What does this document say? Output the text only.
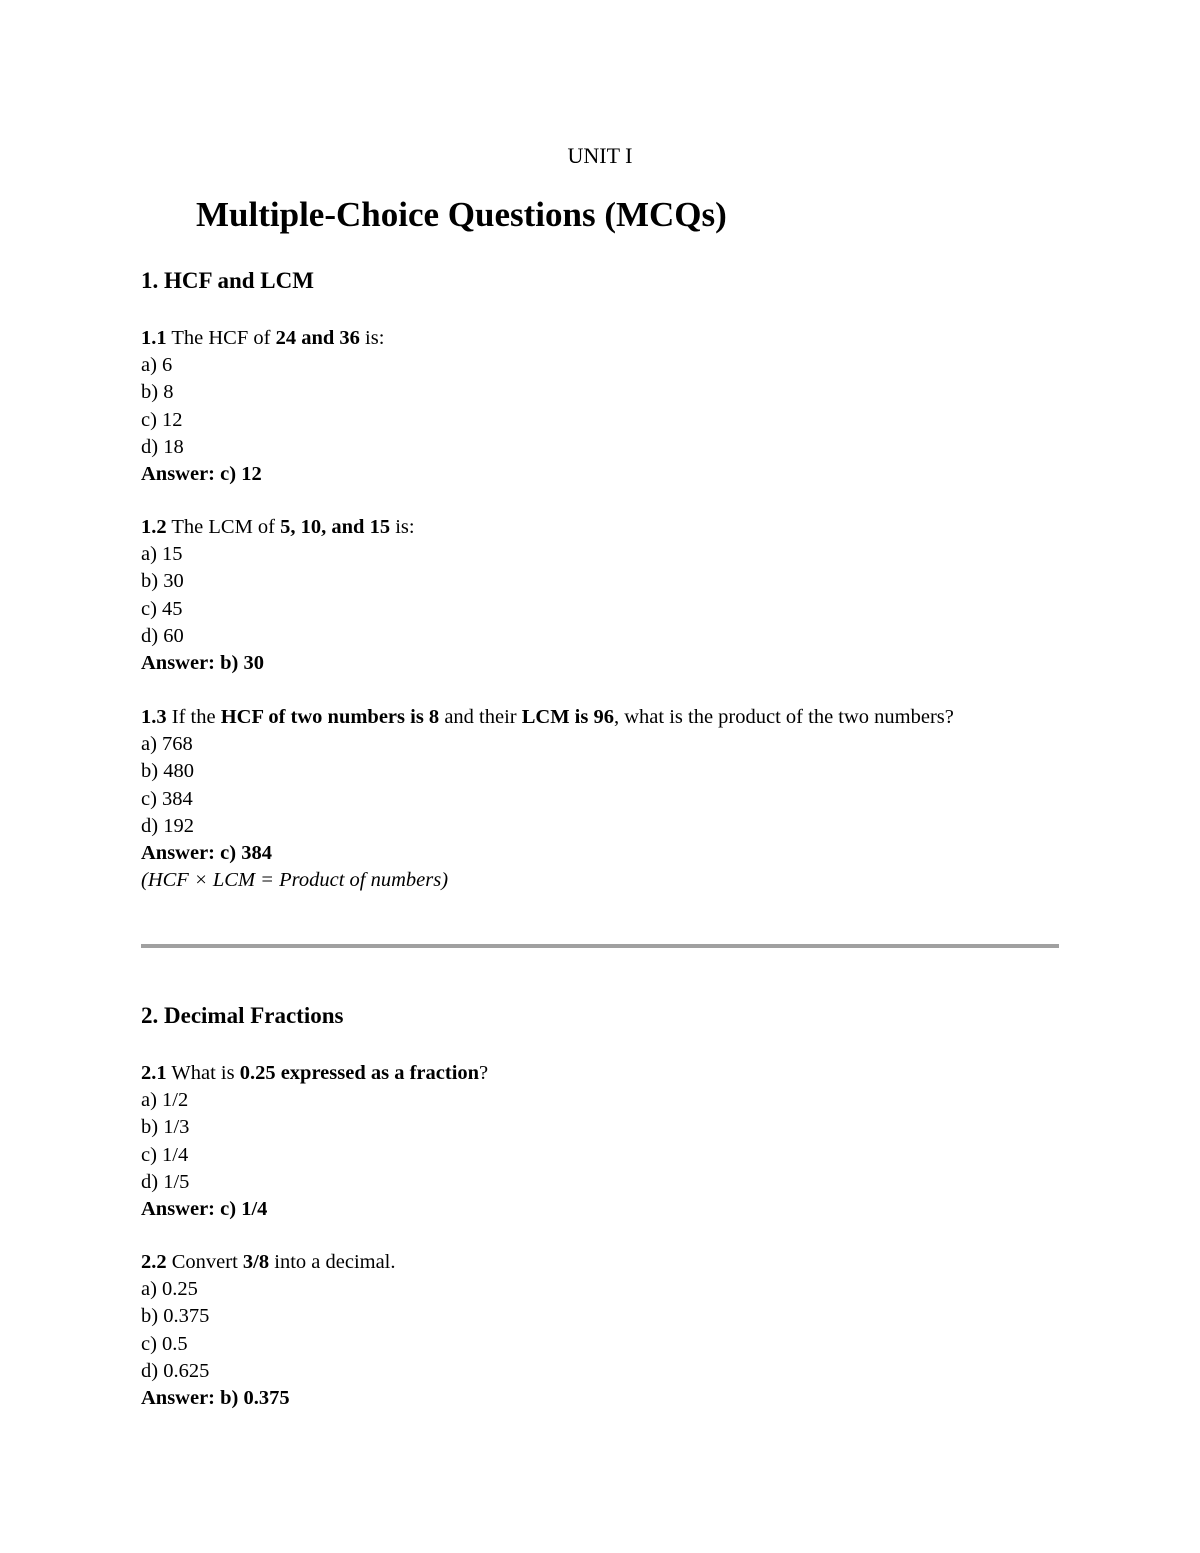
UNIT I
Multiple-Choice Questions (MCQs)
1. HCF and LCM

1.1 The HCF of 24 and 36 is:

a) 6

b) 8

c) 12

d) 18

Answer: c) 12

1.2 The LCM of 5, 10, and 15 is:

a) 15

b) 30

c) 45

d) 60

Answer: b) 30

1.3 If the HCF of two numbers is 8 and their LCM is 96, what is the product of the two numbers?

a) 768

b) 480

c) 384

d) 192

Answer: c) 384

(HCF × LCM = Product of numbers)

2. Decimal Fractions

2.1 What is 0.25 expressed as a fraction?

a) 1/2

b) 1/3

c) 1/4

d) 1/5

Answer: c) 1/4

2.2 Convert 3/8 into a decimal.

a) 0.25

b) 0.375

c) 0.5

d) 0.625

Answer: b) 0.375
